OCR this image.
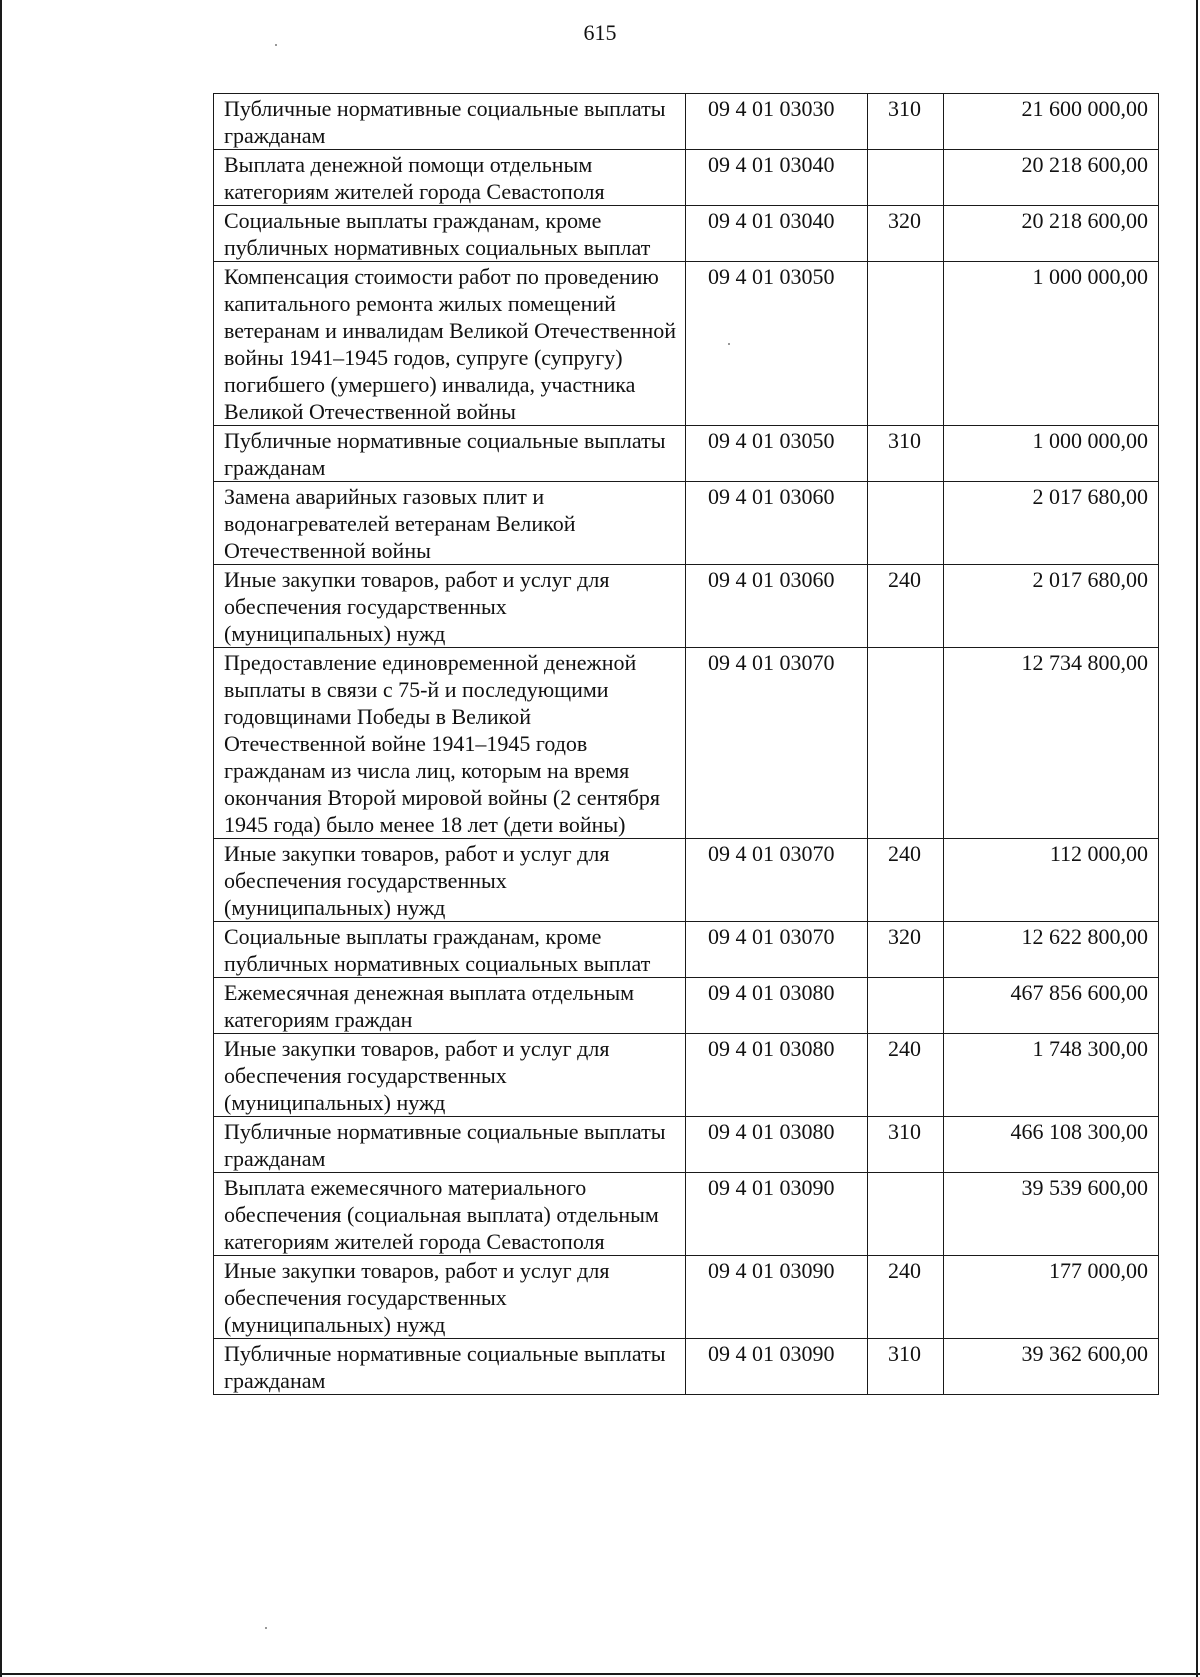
615
Публичные нормативные социальные выплаты гражданам	09 4 01 03030	310	21 600 000,00
Выплата денежной помощи отдельным категориям жителей города Севастополя	09 4 01 03040		20 218 600,00
Социальные выплаты гражданам, кроме публичных нормативных социальных выплат	09 4 01 03040	320	20 218 600,00
Компенсация стоимости работ по проведению капитального ремонта жилых помещений ветеранам и инвалидам Великой Отечественной войны 1941–1945 годов, супруге (супругу) погибшего (умершего) инвалида, участника Великой Отечественной войны	09 4 01 03050		1 000 000,00
Публичные нормативные социальные выплаты гражданам	09 4 01 03050	310	1 000 000,00
Замена аварийных газовых плит и водонагревателей ветеранам Великой Отечественной войны	09 4 01 03060		2 017 680,00
Иные закупки товаров, работ и услуг для обеспечения государственных (муниципальных) нужд	09 4 01 03060	240	2 017 680,00
Предоставление единовременной денежной выплаты в связи с 75-й и последующими годовщинами Победы в Великой Отечественной войне 1941–1945 годов гражданам из числа лиц, которым на время окончания Второй мировой войны (2 сентября 1945 года) было менее 18 лет (дети войны)	09 4 01 03070		12 734 800,00
Иные закупки товаров, работ и услуг для обеспечения государственных (муниципальных) нужд	09 4 01 03070	240	112 000,00
Социальные выплаты гражданам, кроме публичных нормативных социальных выплат	09 4 01 03070	320	12 622 800,00
Ежемесячная денежная выплата отдельным категориям граждан	09 4 01 03080		467 856 600,00
Иные закупки товаров, работ и услуг для обеспечения государственных (муниципальных) нужд	09 4 01 03080	240	1 748 300,00
Публичные нормативные социальные выплаты гражданам	09 4 01 03080	310	466 108 300,00
Выплата ежемесячного материального обеспечения (социальная выплата) отдельным категориям жителей города Севастополя	09 4 01 03090		39 539 600,00
Иные закупки товаров, работ и услуг для обеспечения государственных (муниципальных) нужд	09 4 01 03090	240	177 000,00
Публичные нормативные социальные выплаты гражданам	09 4 01 03090	310	39 362 600,00
